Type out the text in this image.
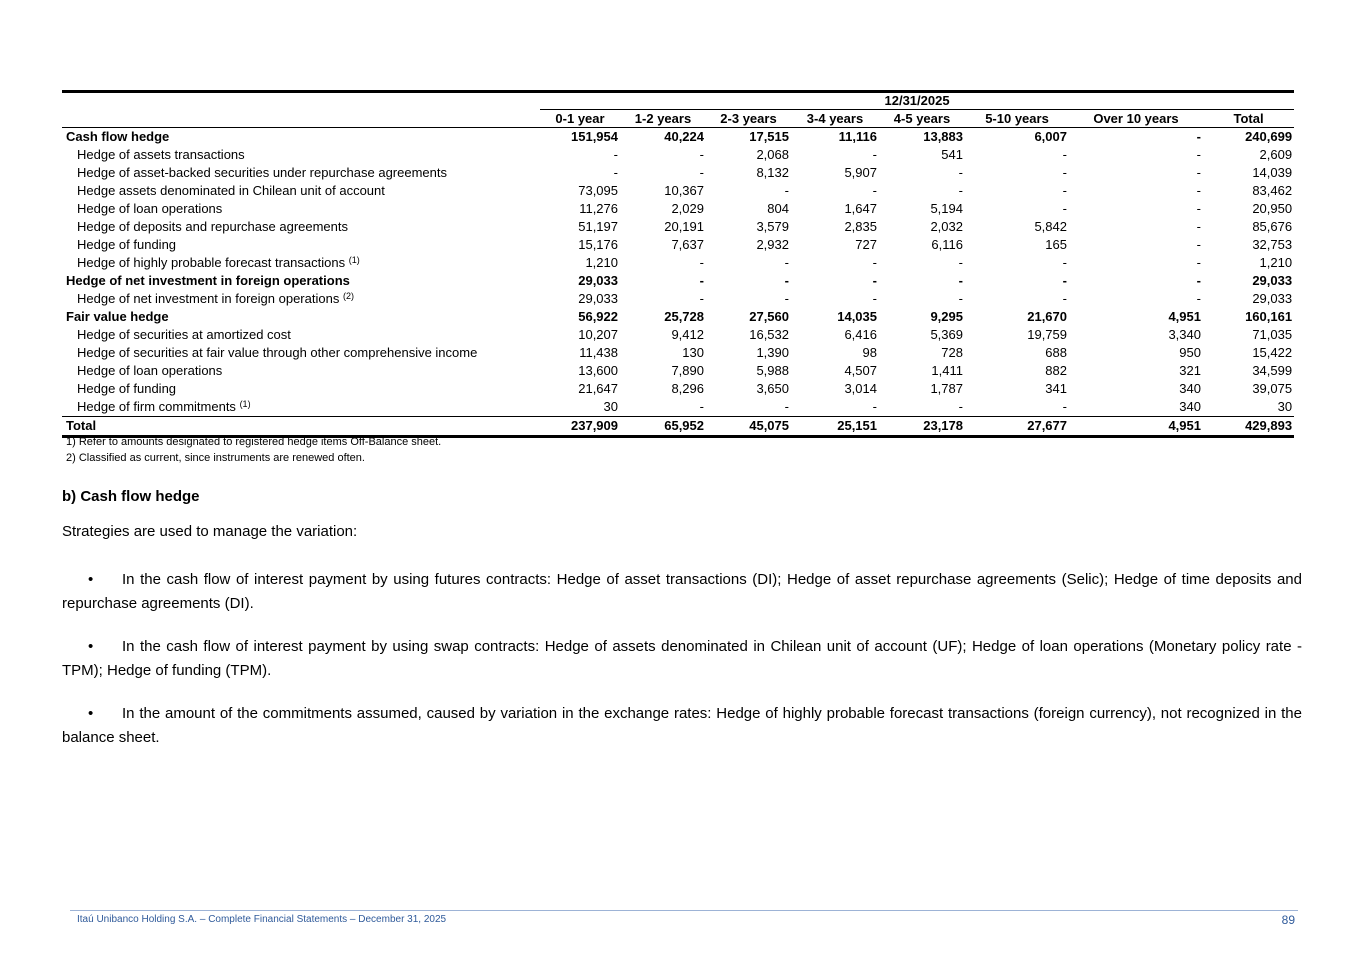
	12/31/2025							
	0-1 year	1-2 years	2-3 years	3-4 years	4-5 years	5-10 years	Over 10 years	Total
Cash flow hedge	151,954	40,224	17,515	11,116	13,883	6,007	-	240,699
Hedge of assets transactions	-	-	2,068	-	541	-	-	2,609
Hedge of asset-backed securities under repurchase agreements	-	-	8,132	5,907	-	-	-	14,039
Hedge assets denominated in Chilean unit of account	73,095	10,367	-	-	-	-	-	83,462
Hedge of loan operations	11,276	2,029	804	1,647	5,194	-	-	20,950
Hedge of deposits and repurchase agreements	51,197	20,191	3,579	2,835	2,032	5,842	-	85,676
Hedge of funding	15,176	7,637	2,932	727	6,116	165	-	32,753
Hedge of highly probable forecast transactions $^{(1)}$	1,210	-	-	-	-	-	-	1,210
Hedge of net investment in foreign operations	29,033	-	-	-	-	-	-	29,033
Hedge of net investment in foreign operations $^{(2)}$	29,033	-	-	-	-	-	-	29,033
Fair value hedge	56,922	25,728	27,560	14,035	9,295	21,670	4,951	160,161
Hedge of securities at amortized cost	10,207	9,412	16,532	6,416	5,369	19,759	3,340	71,035
Hedge of securities at fair value through other comprehensive income	11,438	130	1,390	98	728	688	950	15,422
Hedge of loan operations	13,600	7,890	5,988	4,507	1,411	882	321	34,599
Hedge of funding	21,647	8,296	3,650	3,014	1,787	341	340	39,075
Hedge of firm commitments $^{(1)}$	30	-	-	-	-	-	340	30
Total	237,909	65,952	45,075	25,151	23,178	27,677	4,951	429,893
1) Refer to amounts designated to registered hedge items Off-Balance sheet.
2) Classified as current, since instruments are renewed often.
b) Cash flow hedge
Strategies are used to manage the variation:

• In the cash flow of interest payment by using futures contracts: Hedge of asset transactions (DI); Hedge of asset repurchase agreements (Selic); Hedge of time deposits and repurchase agreements (DI).

• In the cash flow of interest payment by using swap contracts: Hedge of assets denominated in Chilean unit of account (UF); Hedge of loan operations (Monetary policy rate - TPM); Hedge of funding (TPM).

• In the amount of the commitments assumed, caused by variation in the exchange rates: Hedge of highly probable forecast transactions (foreign currency), not recognized in the balance sheet.

Itaú Unibanco Holding S.A. – Complete Financial Statements – December 31, 2025	89
